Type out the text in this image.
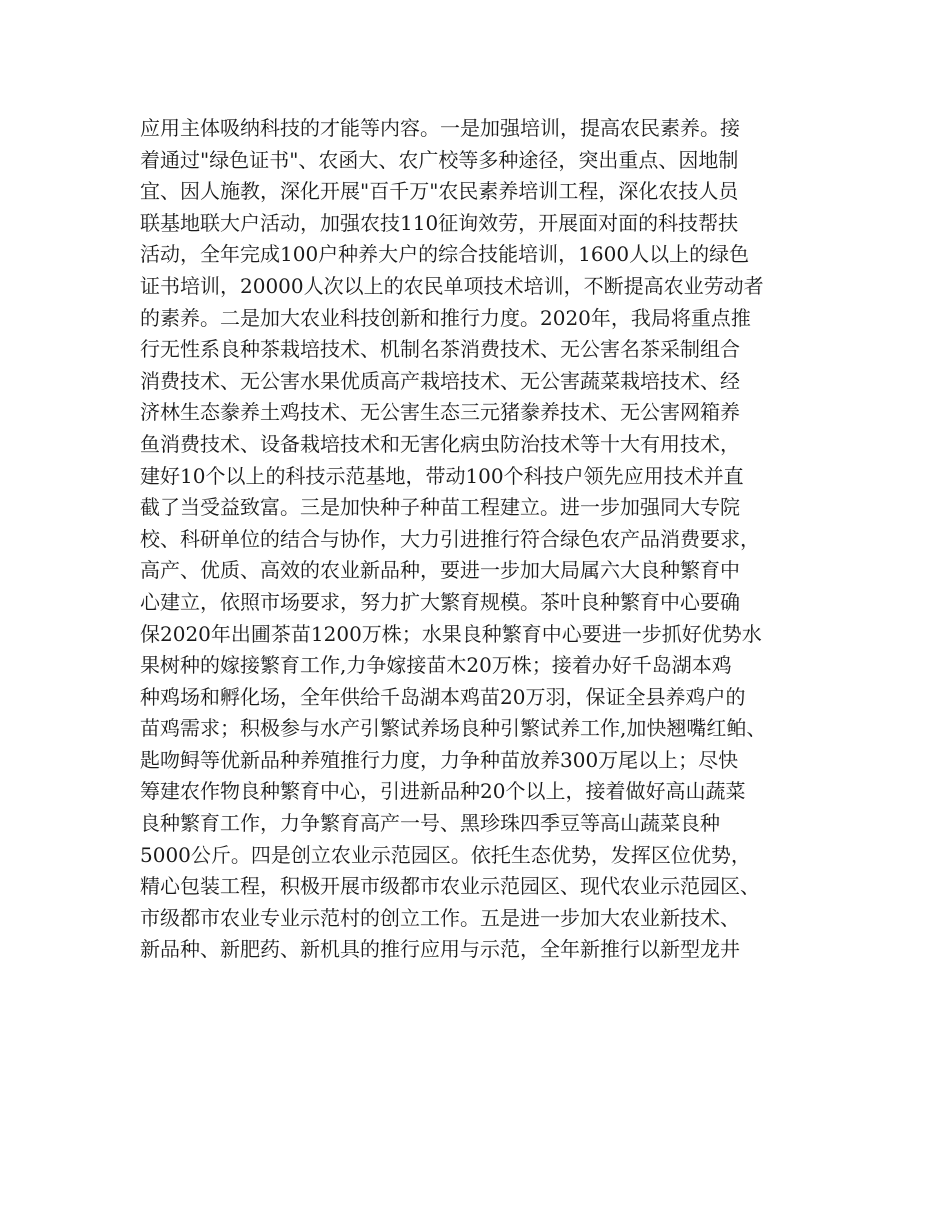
应用主体吸纳科技的才能等内容。一是加强培训，提高农民素养。接
着通过"绿色证书"、农函大、农广校等多种途径，突出重点、因地制
宜、因人施教，深化开展"百千万"农民素养培训工程，深化农技人员
联基地联大户活动，加强农技110征询效劳，开展面对面的科技帮扶
活动，全年完成100户种养大户的综合技能培训，1600人以上的绿色
证书培训，20000人次以上的农民单项技术培训，不断提高农业劳动者
的素养。二是加大农业科技创新和推行力度。2020年，我局将重点推
行无性系良种茶栽培技术、机制名茶消费技术、无公害名茶采制组合
消费技术、无公害水果优质高产栽培技术、无公害蔬菜栽培技术、经
济林生态豢养土鸡技术、无公害生态三元猪豢养技术、无公害网箱养
鱼消费技术、设备栽培技术和无害化病虫防治技术等十大有用技术，
建好10个以上的科技示范基地，带动100个科技户领先应用技术并直
截了当受益致富。三是加快种子种苗工程建立。进一步加强同大专院
校、科研单位的结合与协作，大力引进推行符合绿色农产品消费要求，
高产、优质、高效的农业新品种，要进一步加大局属六大良种繁育中
心建立，依照市场要求，努力扩大繁育规模。茶叶良种繁育中心要确
保2020年出圃茶苗1200万株；水果良种繁育中心要进一步抓好优势水
果树种的嫁接繁育工作,力争嫁接苗木20万株；接着办好千岛湖本鸡
种鸡场和孵化场，全年供给千岛湖本鸡苗20万羽，保证全县养鸡户的
苗鸡需求；积极参与水产引繁试养场良种引繁试养工作,加快翘嘴红鲌、
匙吻鲟等优新品种养殖推行力度，力争种苗放养300万尾以上；尽快
筹建农作物良种繁育中心，引进新品种20个以上，接着做好高山蔬菜
良种繁育工作，力争繁育高产一号、黑珍珠四季豆等高山蔬菜良种
5000公斤。四是创立农业示范园区。依托生态优势，发挥区位优势，
精心包装工程，积极开展市级都市农业示范园区、现代农业示范园区、
市级都市农业专业示范村的创立工作。五是进一步加大农业新技术、
新品种、新肥药、新机具的推行应用与示范，全年新推行以新型龙井
